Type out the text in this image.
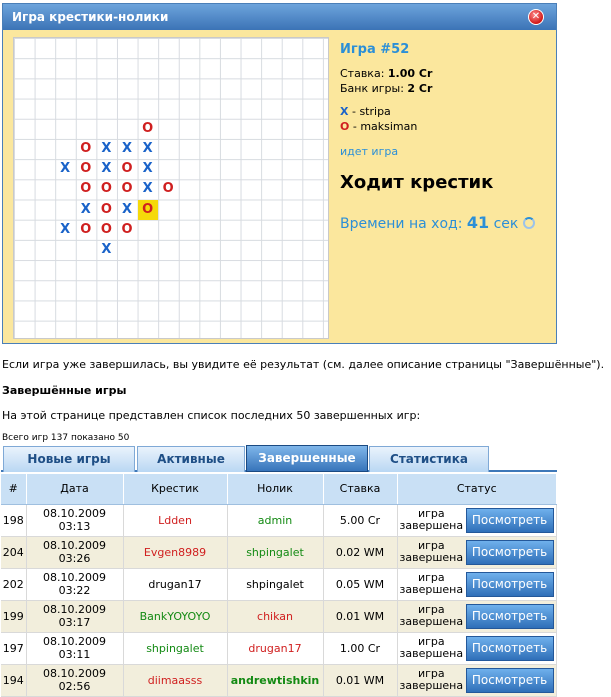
Игра крестики-нолики	✕
O
O X X X
X O X O X
O O O X O
X O X O
X O O O
X
Игра #52
Ставка: 1.00 Cr
Банк игры: 2 Cr
X - stripa
O - maksiman
идет игра
Ходит крестик
Времени на ход: 41 сек
Если игра уже завершилась, вы увидите её результат (см. далее описание страницы "Завершённые").
Завершённые игры
На этой странице представлен список последних 50 завершенных игр:
Всего игр 137 показано 50
Новые игры	Активные	Завершенные	Статистика
#	Дата	Крестик	Нолик	Ставка	Статус
198	08.10.2009 03:13	Ldden	admin	5.00 Cr		игра завершена	Посмотреть

204	08.10.2009 03:26	Evgen8989	shpingalet	0.02 WM		игра завершена	Посмотреть

202	08.10.2009 03:22	drugan17	shpingalet	0.05 WM		игра завершена	Посмотреть

199	08.10.2009 03:17	BankYOYOYO	chikan	0.01 WM		игра завершена	Посмотреть

197	08.10.2009 03:11	shpingalet	drugan17	1.00 Cr		игра завершена	Посмотреть

194	08.10.2009 02:56	diimaasss	andrewtishkin	0.01 WM		игра завершена	Посмотреть
